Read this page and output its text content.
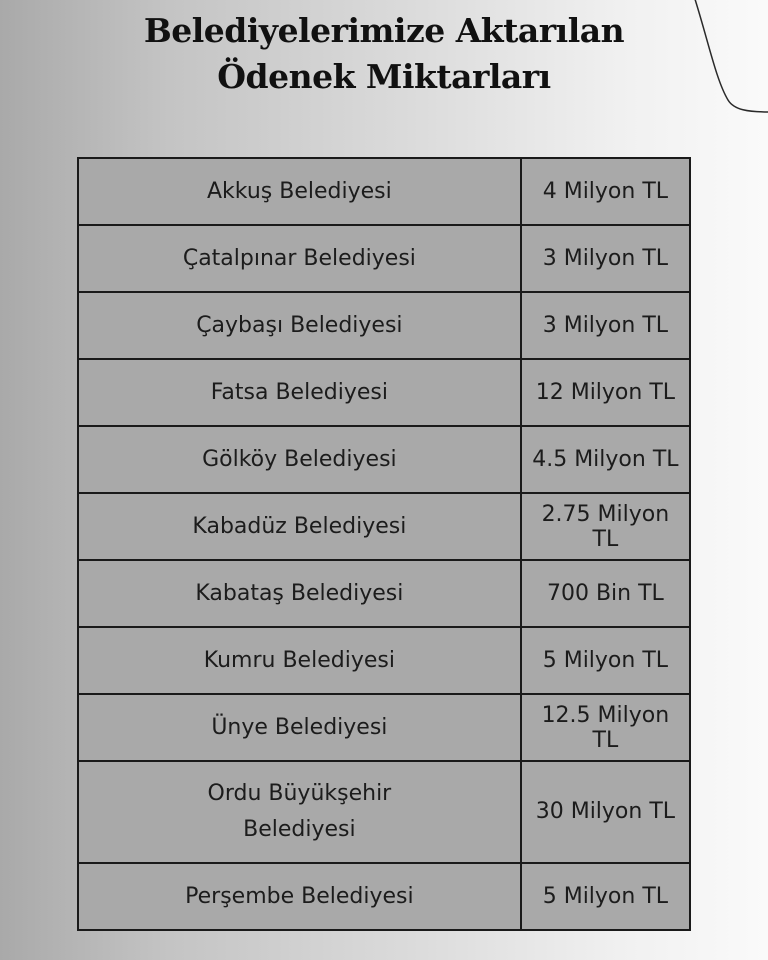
Belediyelerimize Aktarılan
Ödenek Miktarları
Akkuş Belediyesi	4 Milyon TL
Çatalpınar Belediyesi	3 Milyon TL
Çaybaşı Belediyesi	3 Milyon TL
Fatsa Belediyesi	12 Milyon TL
Gölköy Belediyesi	4.5 Milyon TL
Kabadüz Belediyesi	2.75 Milyon TL
Kabataş Belediyesi	700 Bin TL
Kumru Belediyesi	5 Milyon TL
Ünye Belediyesi	12.5 Milyon TL
Ordu Büyükşehir Belediyesi	30 Milyon TL
Perşembe Belediyesi	5 Milyon TL
